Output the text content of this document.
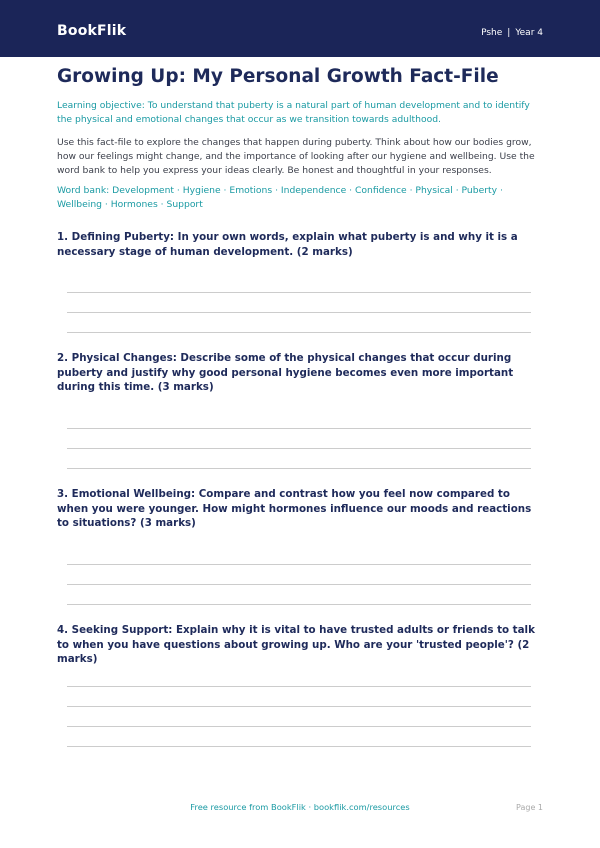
BookFlik	Pshe | Year 4
Growing Up: My Personal Growth Fact-File

Learning objective: To understand that puberty is a natural part of human development and to identify the physical and emotional changes that occur as we transition towards adulthood.

Use this fact-file to explore the changes that happen during puberty. Think about how our bodies grow, how our feelings might change, and the importance of looking after our hygiene and wellbeing. Use the word bank to help you express your ideas clearly. Be honest and thoughtful in your responses.

Word bank: Development · Hygiene · Emotions · Independence · Confidence · Physical · Puberty · Wellbeing · Hormones · Support

1. Defining Puberty: In your own words, explain what puberty is and why it is a necessary stage of human development. (2 marks)

2. Physical Changes: Describe some of the physical changes that occur during puberty and justify why good personal hygiene becomes even more important during this time. (3 marks)

3. Emotional Wellbeing: Compare and contrast how you feel now compared to when you were younger. How might hormones influence our moods and reactions to situations? (3 marks)

4. Seeking Support: Explain why it is vital to have trusted adults or friends to talk to when you have questions about growing up. Who are your 'trusted people'? (2 marks)

Free resource from BookFlik · bookflik.com/resources	Page 1
